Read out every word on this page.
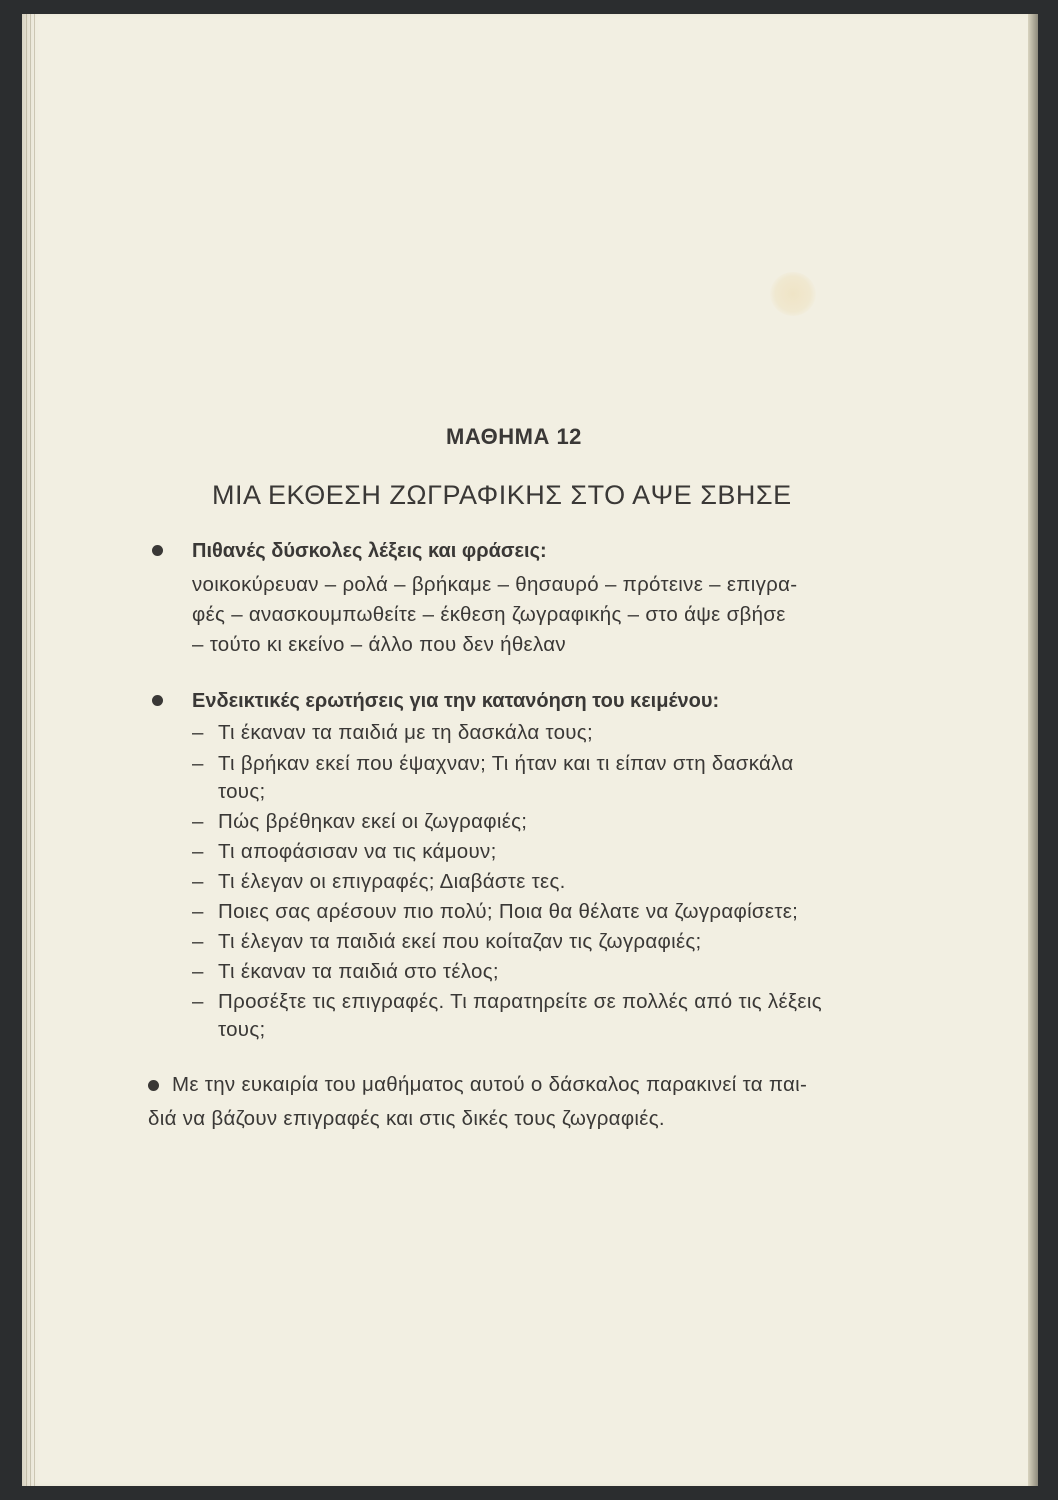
ΜΑΘΗΜΑ 12
ΜΙΑ ΕΚΘΕΣΗ ΖΩΓΡΑΦΙΚΗΣ ΣΤΟ ΑΨΕ ΣΒΗΣΕ
Πιθανές δύσκολες λέξεις και φράσεις:
νοικοκύρευαν – ρολά – βρήκαμε – θησαυρό – πρότεινε – επιγρα-
φές – ανασκουμπωθείτε – έκθεση ζωγραφικής – στο άψε σβήσε
– τούτο κι εκείνο – άλλο που δεν ήθελαν
Ενδεικτικές ερωτήσεις για την κατανόηση του κειμένου:
– Τι έκαναν τα παιδιά με τη δασκάλα τους;
– Τι βρήκαν εκεί που έψαχναν; Τι ήταν και τι είπαν στη δασκάλα
τους;
– Πώς βρέθηκαν εκεί οι ζωγραφιές;
– Τι αποφάσισαν να τις κάμουν;
– Τι έλεγαν οι επιγραφές; Διαβάστε τες.
– Ποιες σας αρέσουν πιο πολύ; Ποια θα θέλατε να ζωγραφίσετε;
– Τι έλεγαν τα παιδιά εκεί που κοίταζαν τις ζωγραφιές;
– Τι έκαναν τα παιδιά στο τέλος;
– Προσέξτε τις επιγραφές. Τι παρατηρείτε σε πολλές από τις λέξεις
τους;
Με την ευκαιρία του μαθήματος αυτού ο δάσκαλος παρακινεί τα παι-
διά να βάζουν επιγραφές και στις δικές τους ζωγραφιές.
